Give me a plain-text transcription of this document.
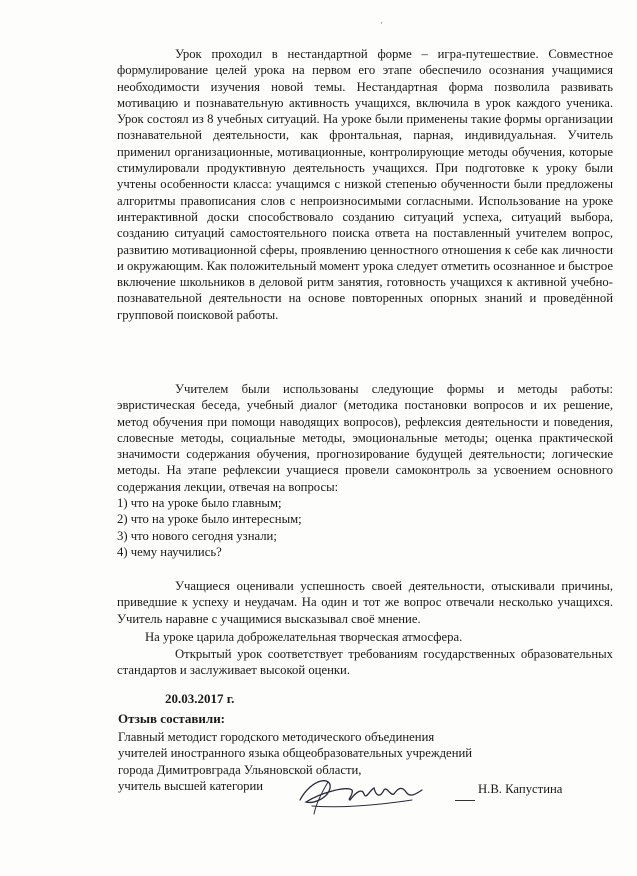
·

Урок проходил в нестандартной форме – игра-путешествие. Совместное формулирование целей урока на первом его этапе обеспечило осознания учащимися необходимости изучения новой темы. Нестандартная форма позволила развивать мотивацию и познавательную активность учащихся, включила в урок каждого ученика. Урок состоял из 8 учебных ситуаций. На уроке были применены такие формы организации познавательной деятельности, как фронтальная, парная, индивидуальная. Учитель применил организационные, мотивационные, контролирующие методы обучения, которые стимулировали продуктивную деятельность учащихся. При подготовке к уроку были учтены особенности класса: учащимся с низкой степенью обученности были предложены алгоритмы правописания слов с непроизносимыми согласными. Использование на уроке интерактивной доски способствовало созданию ситуаций успеха, ситуаций выбора, созданию ситуаций самостоятельного поиска ответа на поставленный учителем вопрос, развитию мотивационной сферы, проявлению ценностного отношения к себе как личности и окружающим. Как положительный момент урока следует отметить осознанное и быстрое включение школьников в деловой ритм занятия, готовность учащихся к активной учебно-познавательной деятельности на основе повторенных опорных знаний и проведённой групповой поисковой работы.

Учителем были использованы следующие формы и методы работы: эвристическая беседа, учебный диалог (методика постановки вопросов и их решение, метод обучения при помощи наводящих вопросов), рефлексия деятельности и поведения, словесные методы, социальные методы, эмоциональные методы; оценка практической значимости содержания обучения, прогнозирование будущей деятельности; логические методы. На этапе рефлексии учащиеся провели самоконтроль за усвоением основного содержания лекции, отвечая на вопросы:

1) что на уроке было главным;

2) что на уроке было интересным;

3) что нового сегодня узнали;

4) чему научились?

Учащиеся оценивали успешность своей деятельности, отыскивали причины, приведшие к успеху и неудачам. На один и тот же вопрос отвечали несколько учащихся. Учитель наравне с учащимися высказывал своё мнение.

На уроке царила доброжелательная творческая атмосфера.

Открытый урок соответствует требованиям государственных образовательных стандартов и заслуживает высокой оценки.

20.03.2017 г.
Отзыв составили:

Главный методист городского методического объединения

учителей иностранного языка общеобразовательных учреждений

города Димитровграда Ульяновской области,

учитель высшей категории	Н.В. Капустина
